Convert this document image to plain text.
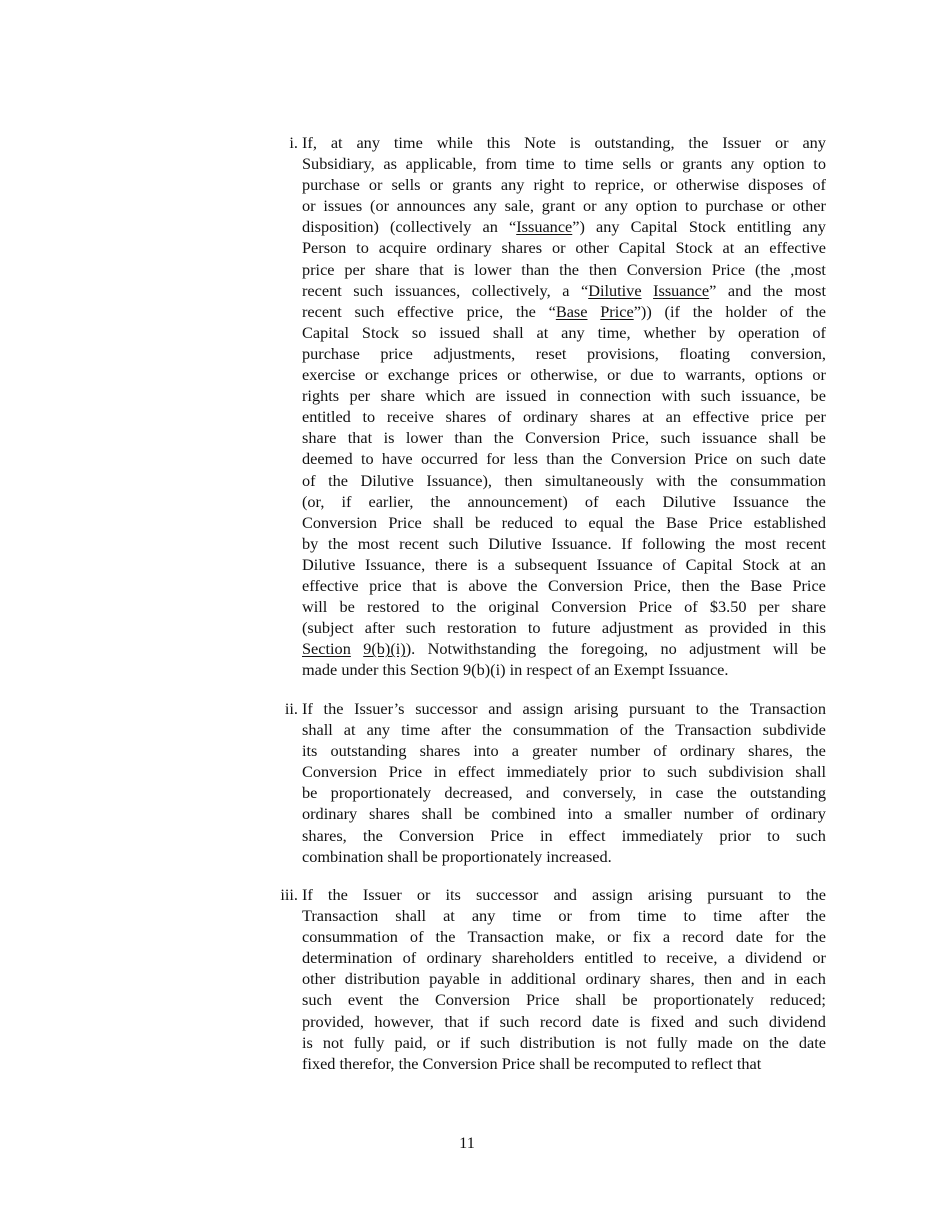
i. If, at any time while this Note is outstanding, the Issuer or any
Subsidiary, as applicable, from time to time sells or grants any option to
purchase or sells or grants any right to reprice, or otherwise disposes of
or issues (or announces any sale, grant or any option to purchase or other
disposition) (collectively an “Issuance”) any Capital Stock entitling any
Person to acquire ordinary shares or other Capital Stock at an effective
price per share that is lower than the then Conversion Price (the ,most
recent such issuances, collectively, a “Dilutive Issuance” and the most
recent such effective price, the “Base Price”)) (if the holder of the
Capital Stock so issued shall at any time, whether by operation of
purchase price adjustments, reset provisions, floating conversion,
exercise or exchange prices or otherwise, or due to warrants, options or
rights per share which are issued in connection with such issuance, be
entitled to receive shares of ordinary shares at an effective price per
share that is lower than the Conversion Price, such issuance shall be
deemed to have occurred for less than the Conversion Price on such date
of the Dilutive Issuance), then simultaneously with the consummation
(or, if earlier, the announcement) of each Dilutive Issuance the
Conversion Price shall be reduced to equal the Base Price established
by the most recent such Dilutive Issuance. If following the most recent
Dilutive Issuance, there is a subsequent Issuance of Capital Stock at an
effective price that is above the Conversion Price, then the Base Price
will be restored to the original Conversion Price of $3.50 per share
(subject after such restoration to future adjustment as provided in this
Section 9(b)(i)). Notwithstanding the foregoing, no adjustment will be
made under this Section 9(b)(i) in respect of an Exempt Issuance.
ii. If the Issuer’s successor and assign arising pursuant to the Transaction
shall at any time after the consummation of the Transaction subdivide
its outstanding shares into a greater number of ordinary shares, the
Conversion Price in effect immediately prior to such subdivision shall
be proportionately decreased, and conversely, in case the outstanding
ordinary shares shall be combined into a smaller number of ordinary
shares, the Conversion Price in effect immediately prior to such
combination shall be proportionately increased.
iii. If the Issuer or its successor and assign arising pursuant to the
Transaction shall at any time or from time to time after the
consummation of the Transaction make, or fix a record date for the
determination of ordinary shareholders entitled to receive, a dividend or
other distribution payable in additional ordinary shares, then and in each
such event the Conversion Price shall be proportionately reduced;
provided, however, that if such record date is fixed and such dividend
is not fully paid, or if such distribution is not fully made on the date
fixed therefor, the Conversion Price shall be recomputed to reflect that
11
